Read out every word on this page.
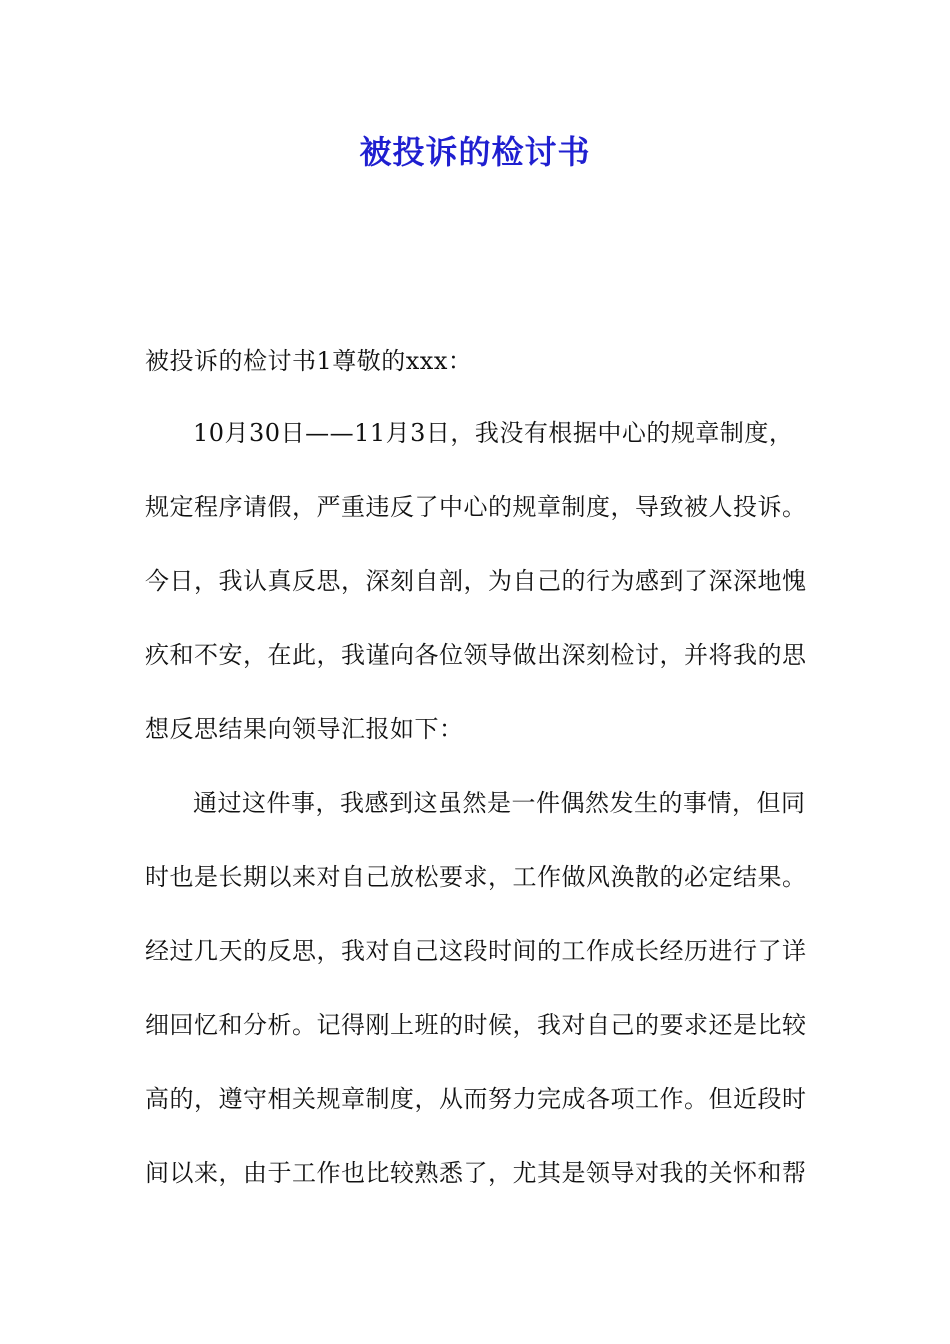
被投诉的检讨书
被投诉的检讨书1尊敬的xxx：
10月30日——11月3日，我没有根据中心的规章制度，
规定程序请假，严重违反了中心的规章制度，导致被人投诉。
今日，我认真反思，深刻自剖，为自己的行为感到了深深地愧
疚和不安，在此，我谨向各位领导做出深刻检讨，并将我的思
想反思结果向领导汇报如下：
通过这件事，我感到这虽然是一件偶然发生的事情，但同
时也是长期以来对自己放松要求，工作做风涣散的必定结果。
经过几天的反思，我对自己这段时间的工作成长经历进行了详
细回忆和分析。记得刚上班的时候，我对自己的要求还是比较
高的，遵守相关规章制度，从而努力完成各项工作。但近段时
间以来，由于工作也比较熟悉了，尤其是领导对我的关怀和帮
